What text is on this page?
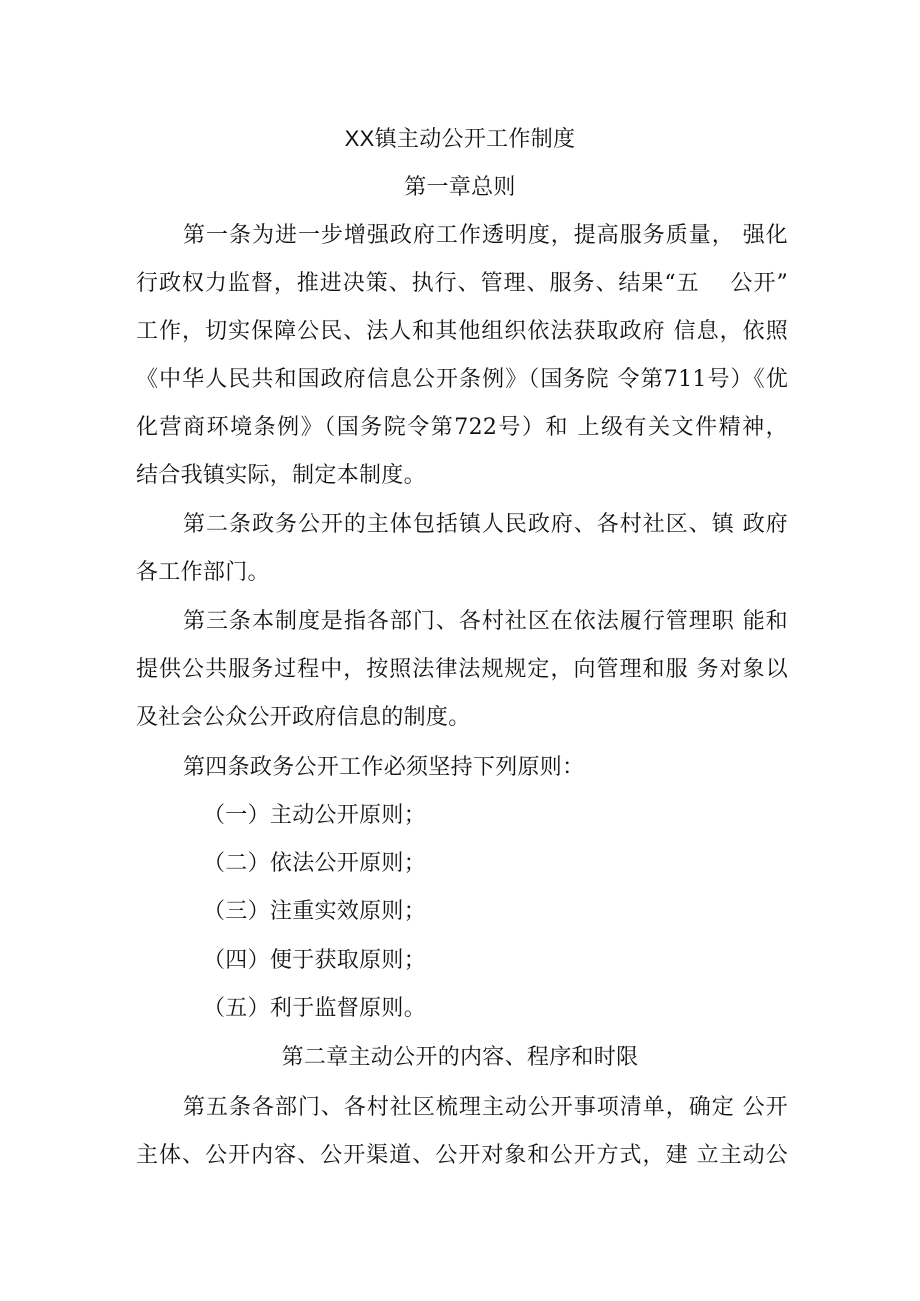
XX镇主动公开工作制度
第一章总则
第一条为进一步增强政府工作透明度，提高服务质量， 强化
行政权力监督，推进决策、执行、管理、服务、结果“五　 公开”
工作，切实保障公民、法人和其他组织依法获取政府 信息，依照
《中华人民共和国政府信息公开条例》（国务院 令第711号）《优
化营商环境条例》（国务院令第722号）和 上级有关文件精神，
结合我镇实际，制定本制度。
第二条政务公开的主体包括镇人民政府、各村社区、镇 政府
各工作部门。
第三条本制度是指各部门、各村社区在依法履行管理职 能和
提供公共服务过程中，按照法律法规规定，向管理和服 务对象以
及社会公众公开政府信息的制度。
第四条政务公开工作必须坚持下列原则：
（一）主动公开原则；
（二）依法公开原则；
（三）注重实效原则；
（四）便于获取原则；
（五）利于监督原则。
第二章主动公开的内容、程序和时限
第五条各部门、各村社区梳理主动公开事项清单，确定 公开
主体、公开内容、公开渠道、公开对象和公开方式，建 立主动公
